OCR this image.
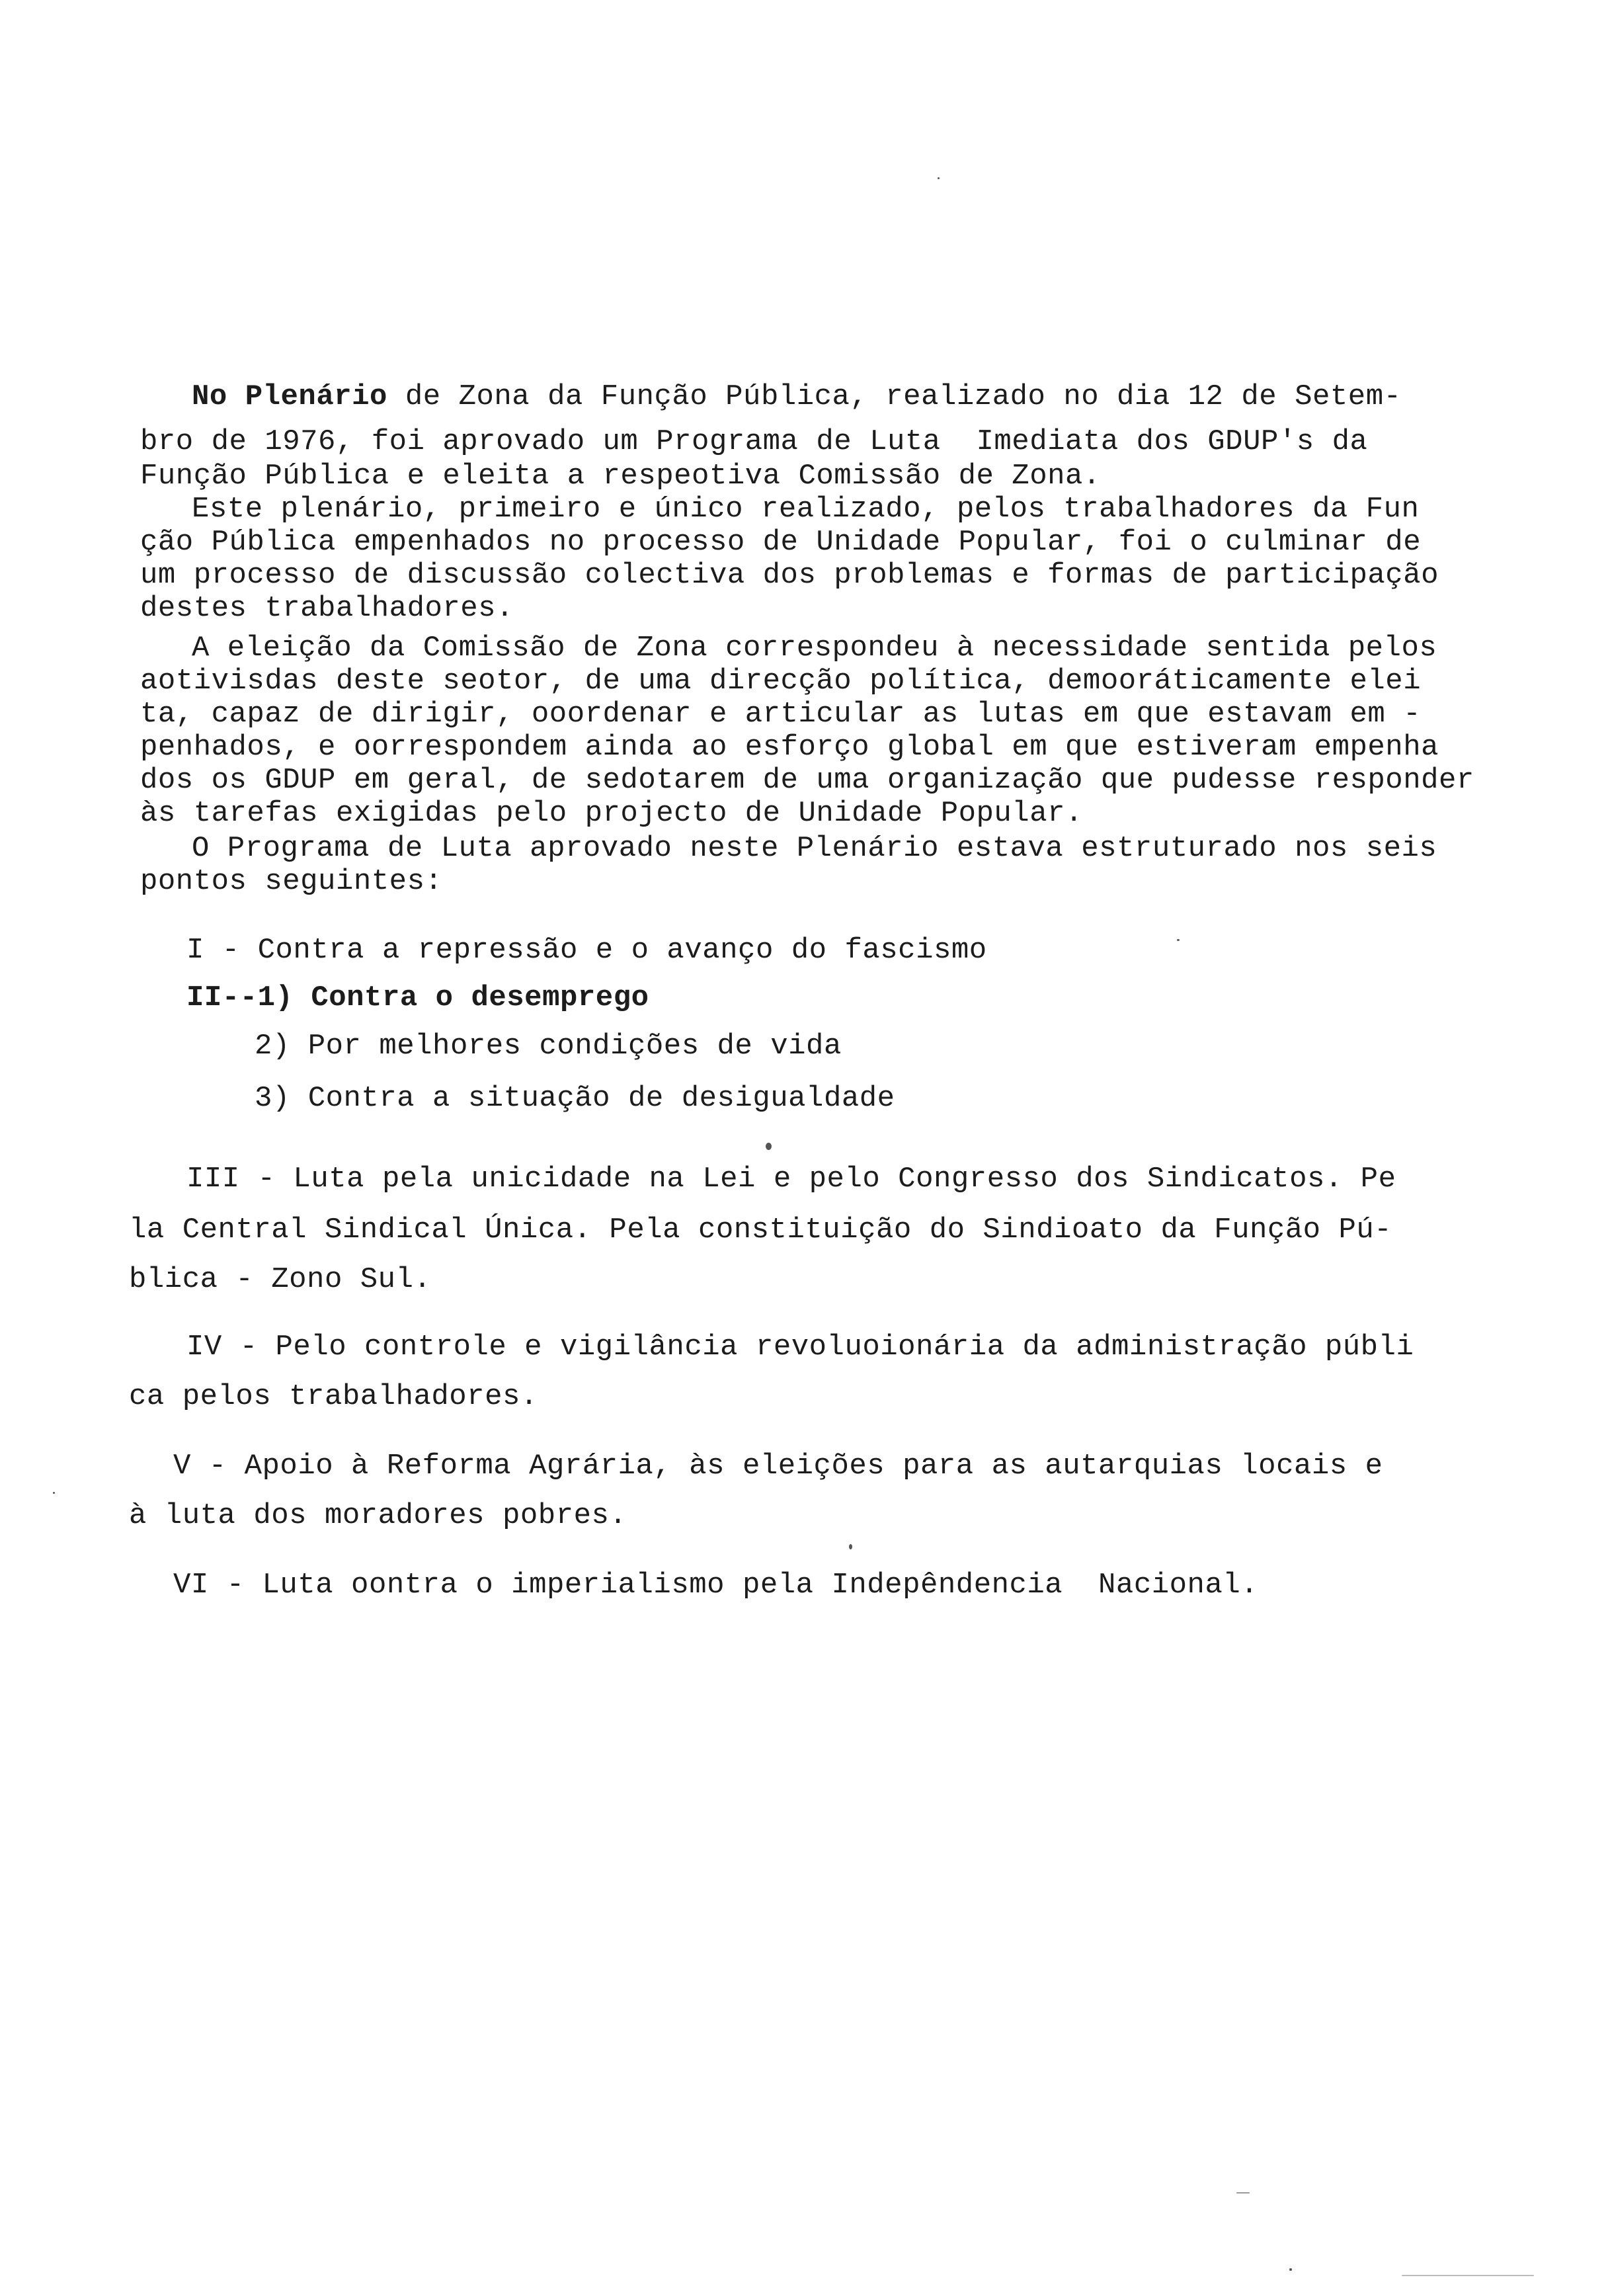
No Plenário de Zona da Função Pública, realizado no dia 12 de Setem-
bro de 1976, foi aprovado um Programa de Luta  Imediata dos GDUP's da
Função Pública e eleita a respeotiva Comissão de Zona.
Este plenário, primeiro e único realizado, pelos trabalhadores da Fun
ção Pública empenhados no processo de Unidade Popular, foi o culminar de
um processo de discussão colectiva dos problemas e formas de participação
destes trabalhadores.
A eleição da Comissão de Zona correspondeu à necessidade sentida pelos
aotivisdas deste seotor, de uma direcção política, demooráticamente elei
ta, capaz de dirigir, ooordenar e articular as lutas em que estavam em -
penhados, e oorrespondem ainda ao esforço global em que estiveram empenha
dos os GDUP em geral, de sedotarem de uma organização que pudesse responder
às tarefas exigidas pelo projecto de Unidade Popular.
O Programa de Luta aprovado neste Plenário estava estruturado nos seis
pontos seguintes:
I - Contra a repressão e o avanço do fascismo
II--1) Contra o desemprego
2) Por melhores condições de vida
3) Contra a situação de desigualdade
III - Luta pela unicidade na Lei e pelo Congresso dos Sindicatos. Pe
la Central Sindical Única. Pela constituição do Sindioato da Função Pú-
blica - Zono Sul.
IV - Pelo controle e vigilância revoluoionária da administração públi
ca pelos trabalhadores.
V - Apoio à Reforma Agrária, às eleições para as autarquias locais e
à luta dos moradores pobres.
VI - Luta oontra o imperialismo pela Indepêndencia  Nacional.
